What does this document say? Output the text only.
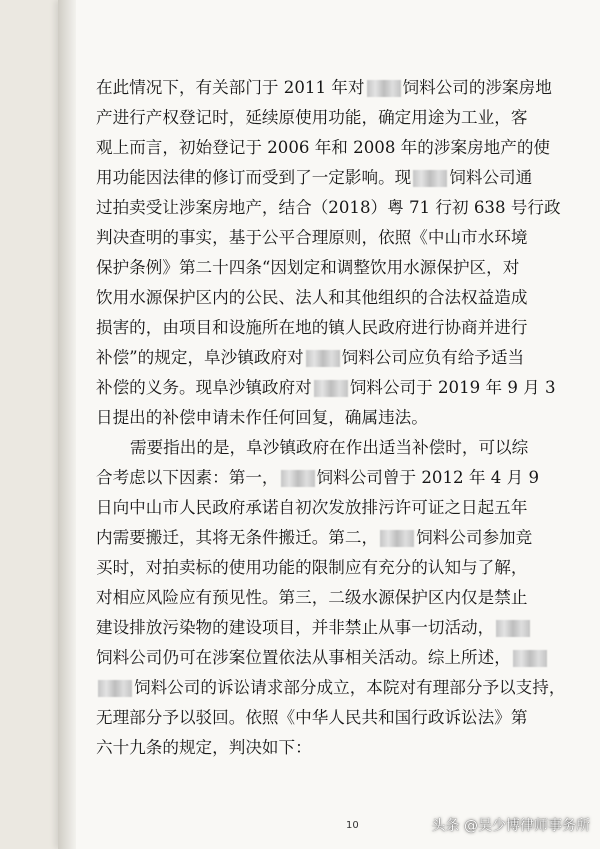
在此情况下，有关部门于 2011 年对 饲料公司的涉案房地
产进行产权登记时，延续原使用功能，确定用途为工业，客
观上而言，初始登记于 2006 年和 2008 年的涉案房地产的使
用功能因法律的修订而受到了一定影响。现 饲料公司通
过拍卖受让涉案房地产，结合（2018）粤 71 行初 638 号行政
判决查明的事实，基于公平合理原则，依照《中山市水环境
保护条例》第二十四条“因划定和调整饮用水源保护区，对
饮用水源保护区内的公民、法人和其他组织的合法权益造成
损害的，由项目和设施所在地的镇人民政府进行协商并进行
补偿”的规定，阜沙镇政府对 饲料公司应负有给予适当
补偿的义务。现阜沙镇政府对 饲料公司于 2019 年 9 月 3
日提出的补偿申请未作任何回复，确属违法。
需要指出的是，阜沙镇政府在作出适当补偿时，可以综
合考虑以下因素：第一， 饲料公司曾于 2012 年 4 月 9
日向中山市人民政府承诺自初次发放排污许可证之日起五年
内需要搬迁，其将无条件搬迁。第二， 饲料公司参加竞
买时，对拍卖标的使用功能的限制应有充分的认知与了解，
对相应风险应有预见性。第三，二级水源保护区内仅是禁止
建设排放污染物的建设项目，并非禁止从事一切活动，
饲料公司仍可在涉案位置依法从事相关活动。综上所述，
饲料公司的诉讼请求部分成立，本院对有理部分予以支持，
无理部分予以驳回。依照《中华人民共和国行政诉讼法》第
六十九条的规定，判决如下：
10	头条 @吴少博律师事务所
